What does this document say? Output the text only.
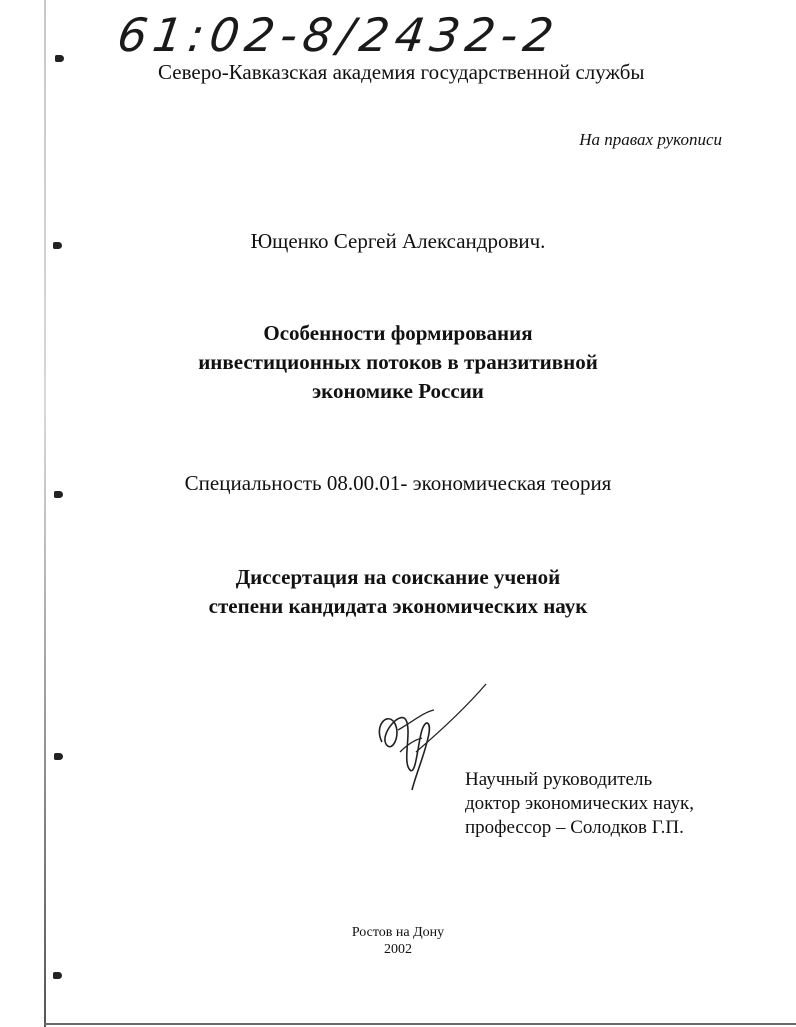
61:02-8/2432-2
Северо-Кавказская академия государственной службы
На правах рукописи
Ющенко Сергей Александрович.
Особенности формирования
инвестиционных потоков в транзитивной
экономике России
Специальность 08.00.01- экономическая теория
Диссертация на соискание ученой
степени кандидата экономических наук
Научный руководитель
доктор экономических наук,
профессор – Солодков Г.П.
Ростов на Дону
2002
